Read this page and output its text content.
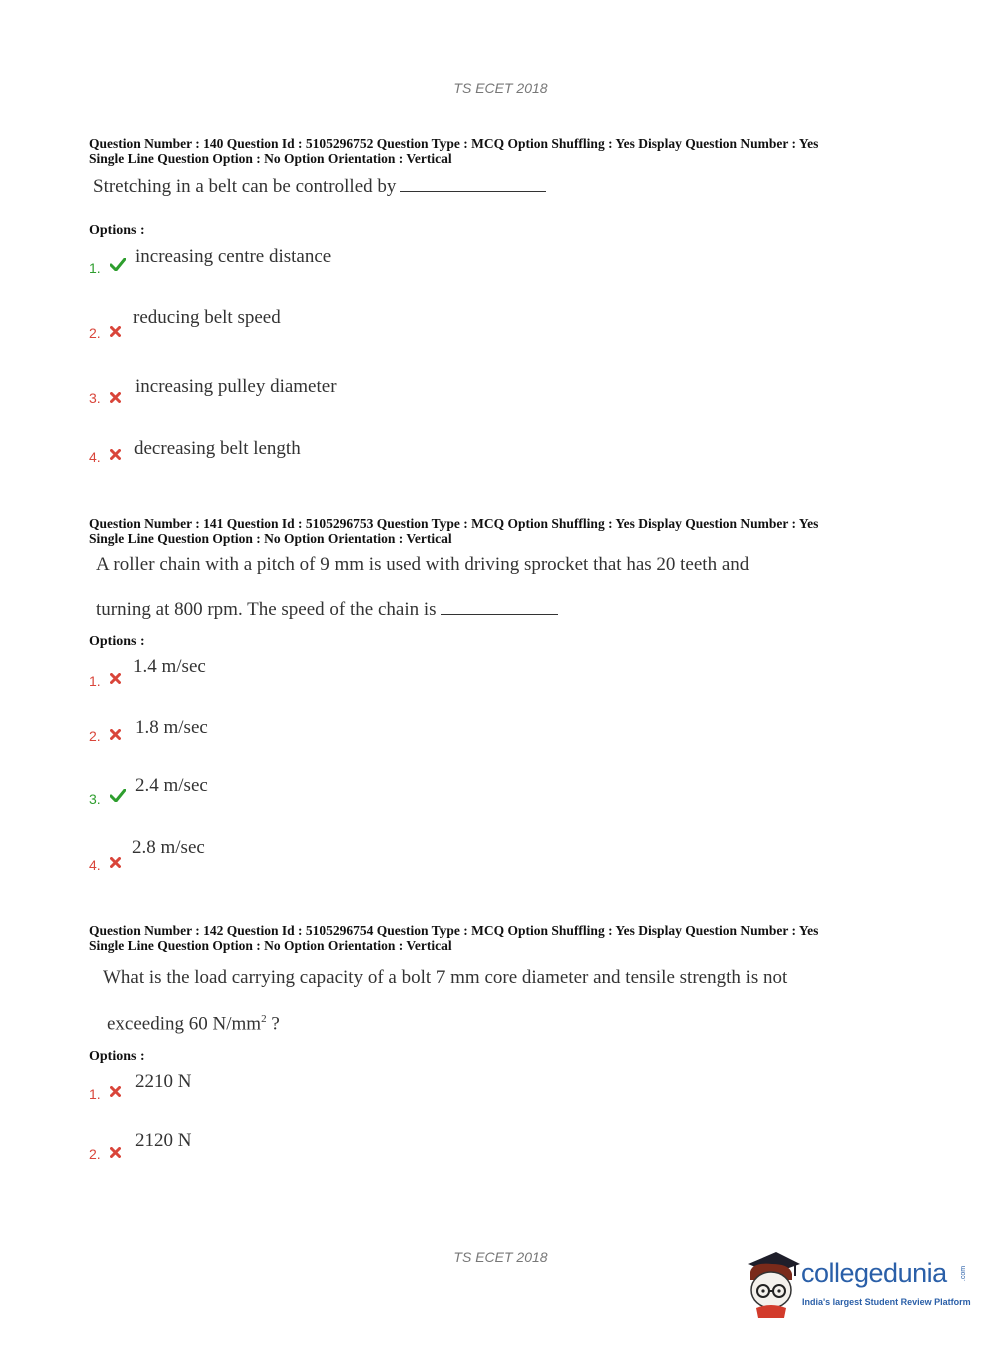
TS ECET 2018
Question Number : 140 Question Id : 5105296752 Question Type : MCQ Option Shuffling : Yes Display Question Number : Yes
Single Line Question Option : No Option Orientation : Vertical
Stretching in a belt can be controlled by
Options :
1.
increasing centre distance
2.
reducing belt speed
3.
increasing pulley diameter
4. decreasing belt length
Question Number : 141 Question Id : 5105296753 Question Type : MCQ Option Shuffling : Yes Display Question Number : Yes
Single Line Question Option : No Option Orientation : Vertical
A roller chain with a pitch of 9 mm is used with driving sprocket that has 20 teeth and
turning at 800 rpm. The speed of the chain is
Options :
1.
1.4 m/sec
2. 1.8 m/sec
3.
2.4 m/sec
4.
2.8 m/sec
Question Number : 142 Question Id : 5105296754 Question Type : MCQ Option Shuffling : Yes Display Question Number : Yes
Single Line Question Option : No Option Orientation : Vertical
What is the load carrying capacity of a bolt 7 mm core diameter and tensile strength is not
exceeding 60 $N/mm^2$ ?
Options :
1.
2210 N
2.
2120 N
TS ECET 2018
collegedunia .com
India's largest Student Review Platform
